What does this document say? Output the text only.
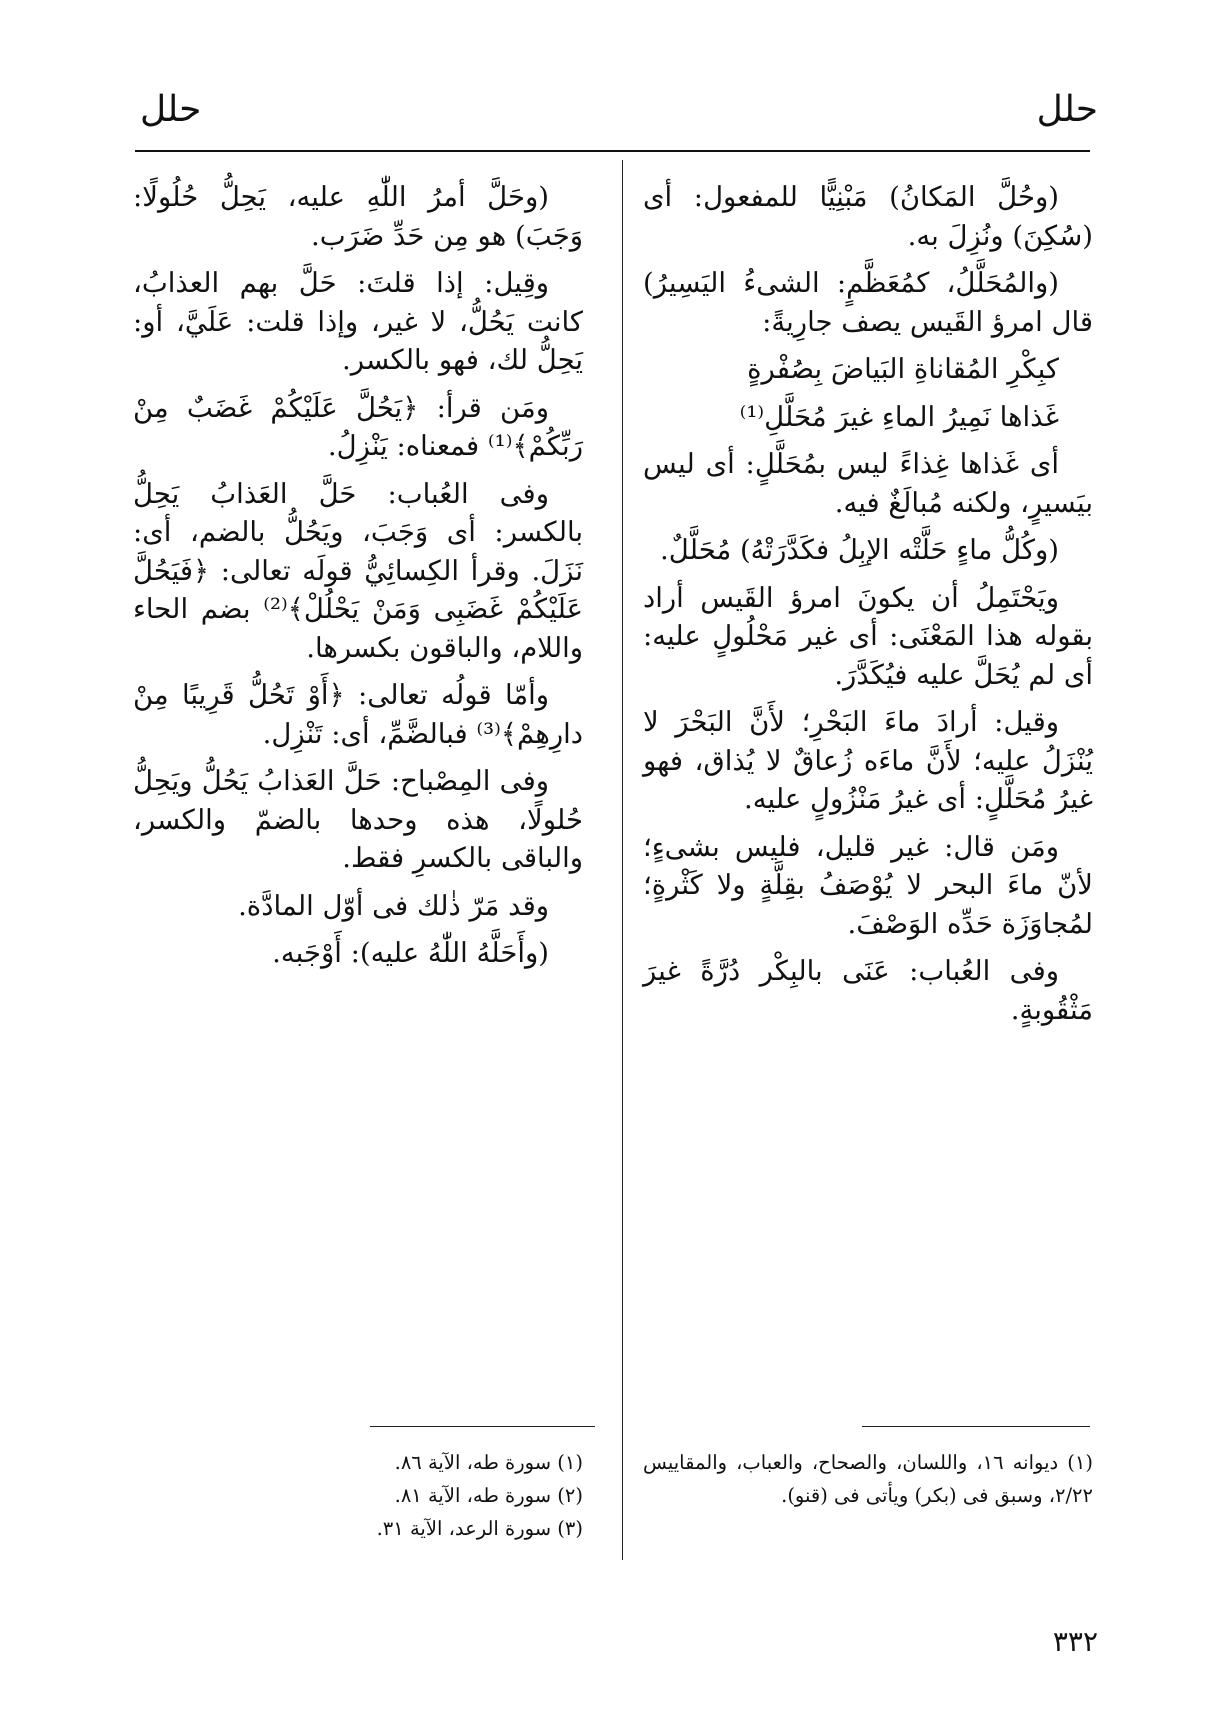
حلل
حلل

(وحُلَّ المَكانُ) مَبْنِيًّا للمفعول: أى (سُكِنَ) ونُزِلَ به.

(والمُحَلَّلُ، كمُعَظَّمٍ: الشىءُ اليَسِيرُ) قال امرؤ القَيس يصف جارِيةً:

كبِكْرِ المُقاناةِ البَياضَ بِصُفْرةٍ

غَذاها نَمِيرُ الماءِ غيرَ مُحَلَّلِ⁽¹⁾

أى غَذاها غِذاءً ليس بمُحَلَّلٍ: أى ليس بيَسيرٍ، ولكنه مُبالَغٌ فيه.

(وكُلُّ ماءٍ حَلَّتْه الإبِلُ فكَدَّرَتْهُ) مُحَلَّلٌ.

ويَحْتَمِلُ أن يكونَ امرؤ القَيس أراد بقوله هذا المَعْنَى: أى غير مَحْلُولٍ عليه: أى لم يُحَلَّ عليه فيُكَدَّرَ.

وقيل: أرادَ ماءَ البَحْرِ؛ لأَنَّ البَحْرَ لا يُنْزَلُ عليه؛ لأَنَّ ماءَه زُعاقٌ لا يُذاق، فهو غيرُ مُحَلَّلٍ: أى غيرُ مَنْزُولٍ عليه.

ومَن قال: غير قليل، فليس بشىءٍ؛ لأنّ ماءَ البحر لا يُوْصَفُ بقِلَّةٍ ولا كَثْرةٍ؛ لمُجاوَزَة حَدِّه الوَصْفَ.

وفى العُباب: عَنَى بالبِكْر دُرَّةً غيرَ مَثْقُوبةٍ.

(وحَلَّ أمرُ اللّٰهِ عليه، يَحِلُّ حُلُولًا: وَجَبَ) هو مِن حَدِّ ضَرَب.

وقِيل: إذا قلتَ: حَلَّ بهم العذابُ، كانت يَحُلُّ، لا غير، وإذا قلت: عَلَيَّ، أو: يَحِلُّ لك، فهو بالكسر.

ومَن قرأ: ﴿يَحُلَّ عَلَيْكُمْ غَضَبٌ مِنْ رَبِّكُمْ﴾⁽¹⁾ فمعناه: يَنْزِلُ.

وفى العُباب: حَلَّ العَذابُ يَحِلُّ بالكسر: أى وَجَبَ، ويَحُلُّ بالضم، أى: نَزَلَ. وقرأ الكِسائِيُّ قولَه تعالى: ﴿فَيَحُلَّ عَلَيْكُمْ غَضَبِى وَمَنْ يَحْلُلْ﴾⁽²⁾ بضم الحاء واللام، والباقون بكسرها.

وأمّا قولُه تعالى: ﴿أَوْ تَحُلُّ قَرِيبًا مِنْ دارِهِمْ﴾⁽³⁾ فبالضَّمِّ، أى: تَنْزِل.

وفى المِصْباح: حَلَّ العَذابُ يَحُلُّ ويَحِلُّ حُلولًا، هذه وحدها بالضمّ والكسر، والباقى بالكسرِ فقط.

وقد مَرّ ذٰلك فى أوّل المادَّة.

(وأَحَلَّهُ اللّٰهُ عليه): أَوْجَبه.

(١) ديوانه ١٦، واللسان، والصحاح، والعباب، والمقاييس ٢/٢٢، وسبق فى (بكر) ويأتى فى (قنو).

(١) سورة طه، الآية ٨٦.

(٢) سورة طه، الآية ٨١.

(٣) سورة الرعد، الآية ٣١.

٣٣٢
